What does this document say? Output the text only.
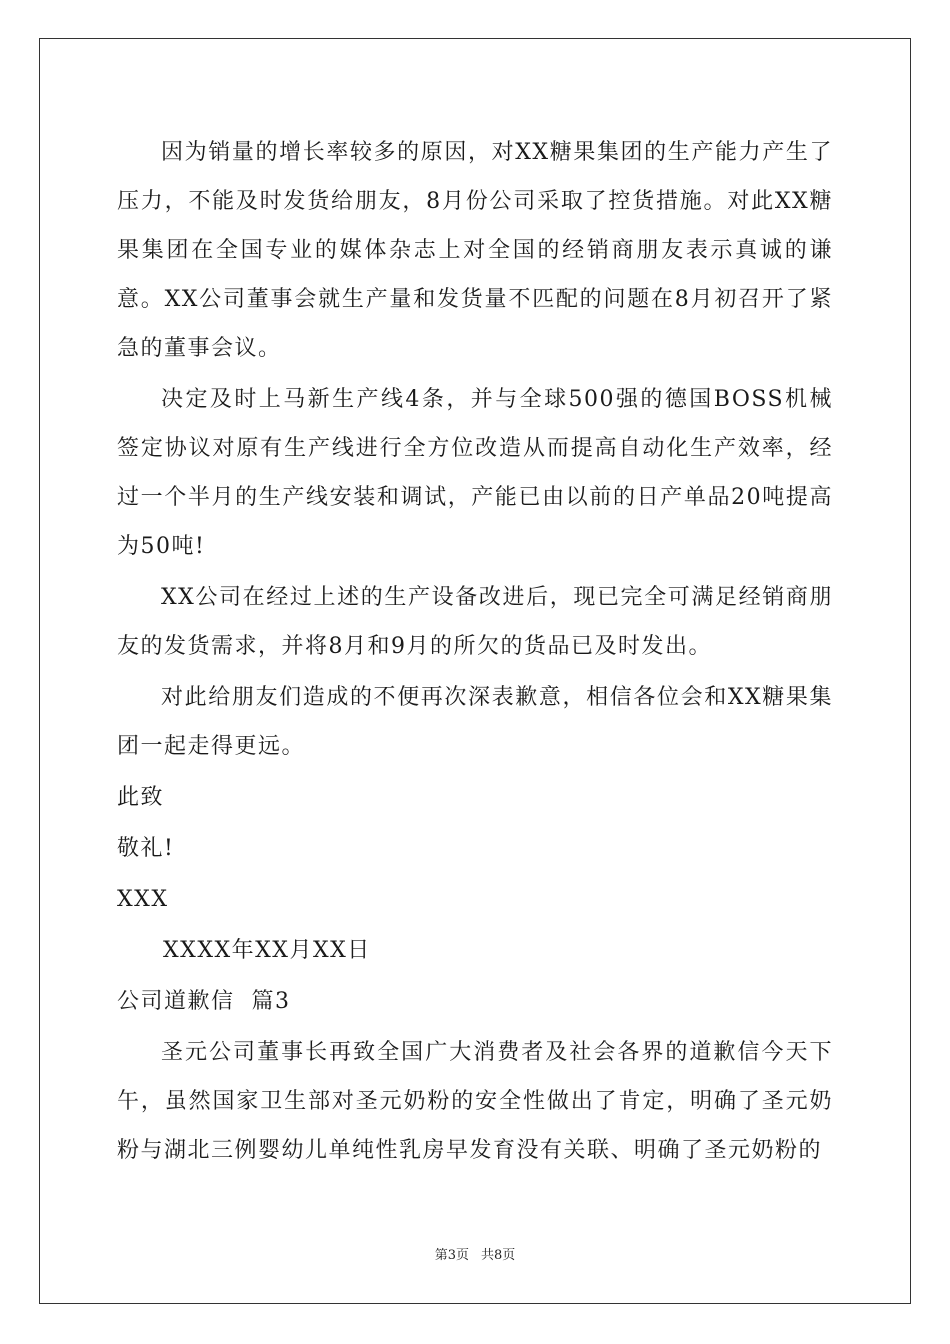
因为销量的增长率较多的原因，对XX糖果集团的生产能力产生了压力，不能及时发货给朋友，8月份公司采取了控货措施。对此XX糖果集团在全国专业的媒体杂志上对全国的经销商朋友表示真诚的谦意。XX公司董事会就生产量和发货量不匹配的问题在8月初召开了紧急的董事会议。

决定及时上马新生产线4条，并与全球500强的德国BOSS机械签定协议对原有生产线进行全方位改造从而提高自动化生产效率，经过一个半月的生产线安装和调试，产能已由以前的日产单品20吨提高为50吨!

XX公司在经过上述的生产设备改进后，现已完全可满足经销商朋友的发货需求，并将8月和9月的所欠的货品已及时发出。

对此给朋友们造成的不便再次深表歉意，相信各位会和XX糖果集团一起走得更远。

此致
敬礼!
XXX
XXXX年XX月XX日
公司道歉信  篇3

圣元公司董事长再致全国广大消费者及社会各界的道歉信今天下午，虽然国家卫生部对圣元奶粉的安全性做出了肯定，明确了圣元奶粉与湖北三例婴幼儿单纯性乳房早发育没有关联、明确了圣元奶粉的

第3页 共8页
